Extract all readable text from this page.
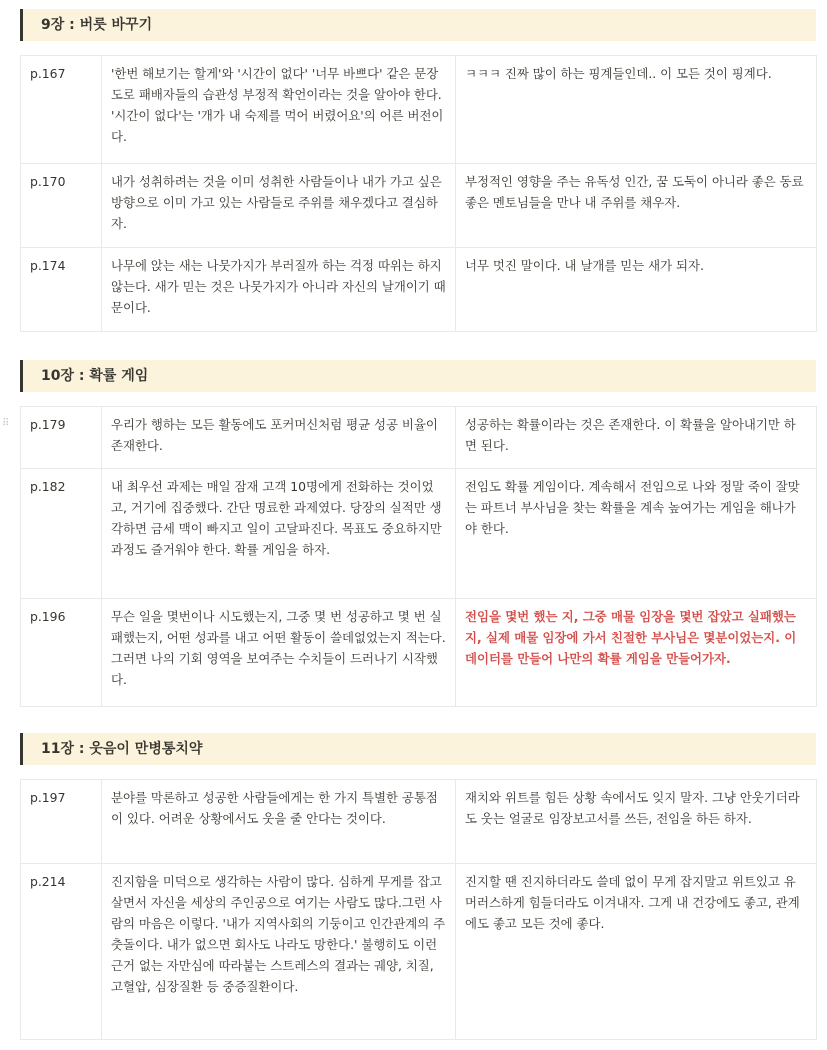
9장 : 버릇 바꾸기
p.167	'한번 해보기는 할게'와 '시간이 없다' '너무 바쁘다' 같은 문장도로 패배자들의 습관성 부정적 확언이라는 것을 알아야 한다. '시간이 없다'는 '개가 내 숙제를 먹어 버렸어요'의 어른 버전이다.	ㅋㅋㅋ 진짜 많이 하는 핑계들인데.. 이 모든 것이 핑계다.
p.170	내가 성취하려는 것을 이미 성취한 사람들이나 내가 가고 싶은 방향으로 이미 가고 있는 사람들로 주위를 채우겠다고 결심하자.	부정적인 영향을 주는 유독성 인간, 꿈 도둑이 아니라 좋은 동료 좋은 멘토님들을 만나 내 주위를 채우자.
p.174	나무에 앉는 새는 나뭇가지가 부러질까 하는 걱정 따위는 하지 않는다. 새가 믿는 것은 나뭇가지가 아니라 자신의 날개이기 때문이다.	너무 멋진 말이다. 내 날개를 믿는 새가 되자.
10장 : 확률 게임
⠿ p.179	우리가 행하는 모든 활동에도 포커머신처럼 평균 성공 비율이 존재한다.	성공하는 확률이라는 것은 존재한다. 이 확률을 알아내기만 하면 된다.
p.182	내 최우선 과제는 매일 잠재 고객 10명에게 전화하는 것이었고, 거기에 집중했다. 간단 명료한 과제였다. 당장의 실적만 생각하면 금세 맥이 빠지고 일이 고달파진다. 목표도 중요하지만 과정도 즐거워야 한다. 확률 게임을 하자.	전임도 확률 게임이다. 계속해서 전임으로 나와 정말 죽이 잘맞는 파트너 부사님을 찾는 확률을 계속 높여가는 게임을 해나가야 한다.
p.196	무슨 일을 몇번이나 시도했는지, 그중 몇 번 성공하고 몇 번 실패했는지, 어떤 성과를 내고 어떤 활동이 쓸데없었는지 적는다. 그러면 나의 기회 영역을 보여주는 수치들이 드러나기 시작했다.	전임을 몇번 했는 지, 그중 매물 임장을 몇번 잡았고 실패했는지, 실제 매물 임장에 가서 친절한 부사님은 몇분이었는지. 이 데이터를 만들어 나만의 확률 게임을 만들어가자.
11장 : 웃음이 만병통치약
p.197	분야를 막론하고 성공한 사람들에게는 한 가지 특별한 공통점이 있다. 어려운 상황에서도 웃을 줄 안다는 것이다.	재치와 위트를 힘든 상황 속에서도 잊지 말자. 그냥 안웃기더라도 웃는 얼굴로 임장보고서를 쓰든, 전임을 하든 하자.
p.214	진지함을 미덕으로 생각하는 사람이 많다. 심하게 무게를 잡고 살면서 자신을 세상의 주인공으로 여기는 사람도 많다.그런 사람의 마음은 이렇다. '내가 지역사회의 기둥이고 인간관계의 주춧돌이다. 내가 없으면 회사도 나라도 망한다.' 불행히도 이런 근거 없는 자만심에 따라붙는 스트레스의 결과는 궤양, 치질, 고혈압, 심장질환 등 중증질환이다.	진지할 땐 진지하더라도 쓸데 없이 무게 잡지말고 위트있고 유머러스하게 힘들더라도 이겨내자. 그게 내 건강에도 좋고, 관계에도 좋고 모든 것에 좋다.
